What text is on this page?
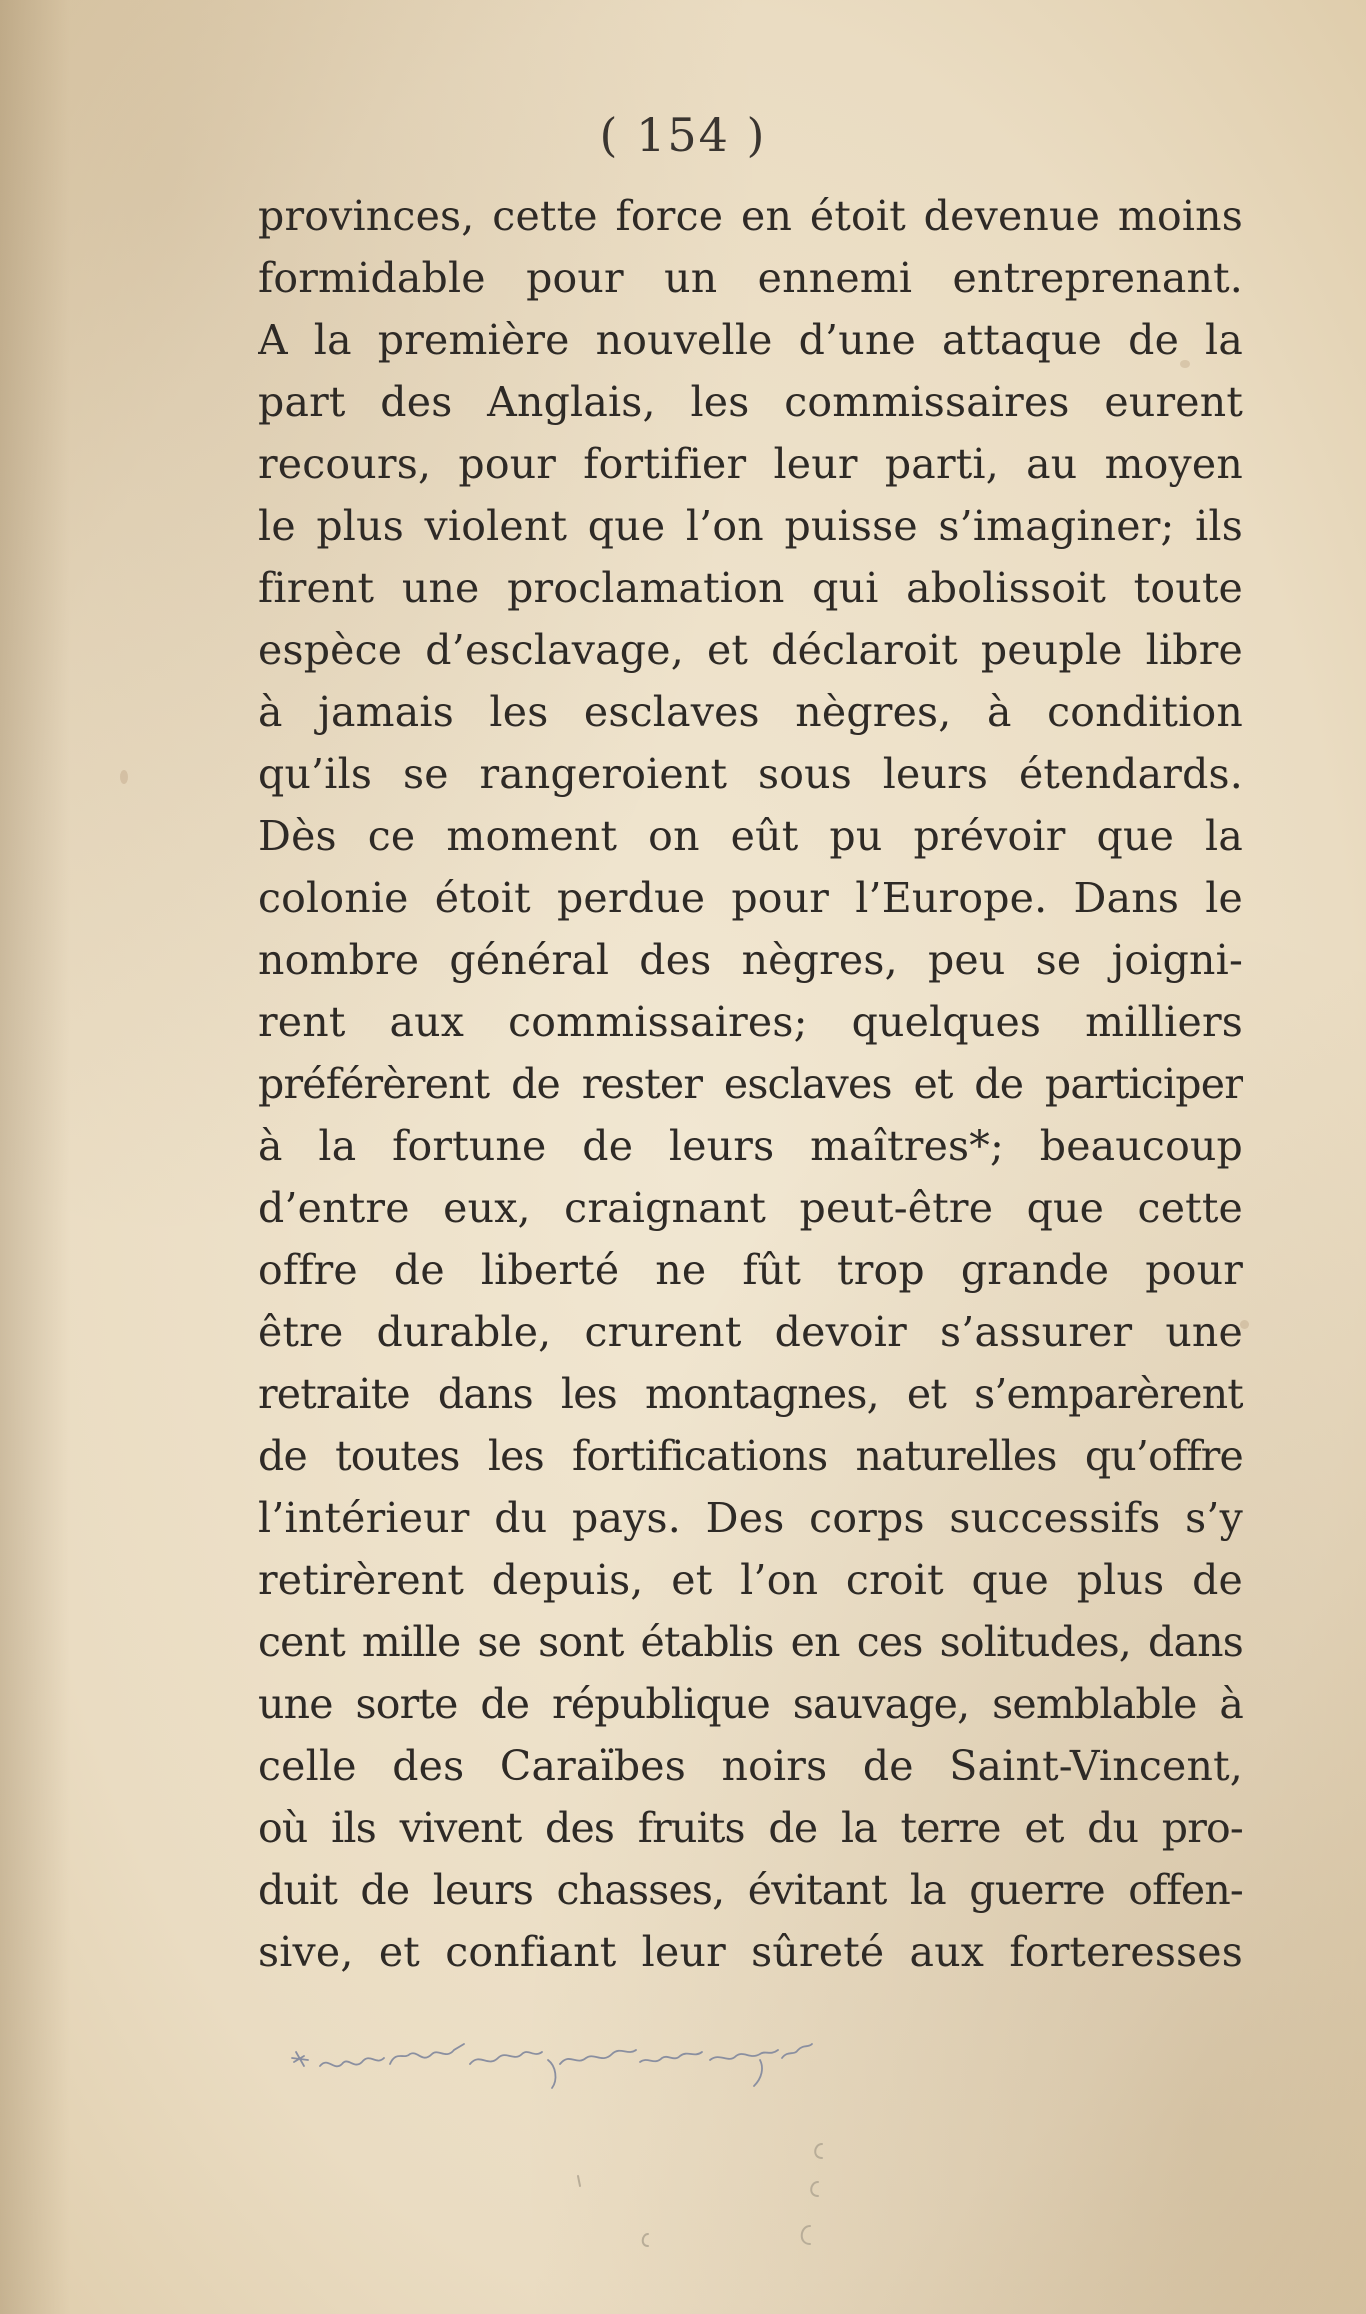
( 154 )
provinces, cette force en étoit devenue moins
formidable pour un ennemi entreprenant.
A la première nouvelle d’une attaque de la
part des Anglais, les commissaires eurent
recours, pour fortifier leur parti, au moyen
le plus violent que l’on puisse s’imaginer; ils
firent une proclamation qui abolissoit toute
espèce d’esclavage, et déclaroit peuple libre
à jamais les esclaves nègres, à condition
qu’ils se rangeroient sous leurs étendards.
Dès ce moment on eût pu prévoir que la
colonie étoit perdue pour l’Europe. Dans le
nombre général des nègres, peu se joigni-
rent aux commissaires; quelques milliers
préférèrent de rester esclaves et de participer
à la fortune de leurs maîtres*; beaucoup
d’entre eux, craignant peut-être que cette
offre de liberté ne fût trop grande pour
être durable, crurent devoir s’assurer une
retraite dans les montagnes, et s’emparèrent
de toutes les fortifications naturelles qu’offre
l’intérieur du pays. Des corps successifs s’y
retirèrent depuis, et l’on croit que plus de
cent mille se sont établis en ces solitudes, dans
une sorte de république sauvage, semblable à
celle des Caraïbes noirs de Saint-Vincent,
où ils vivent des fruits de la terre et du pro-
duit de leurs chasses, évitant la guerre offen-
sive, et confiant leur sûreté aux forteresses
